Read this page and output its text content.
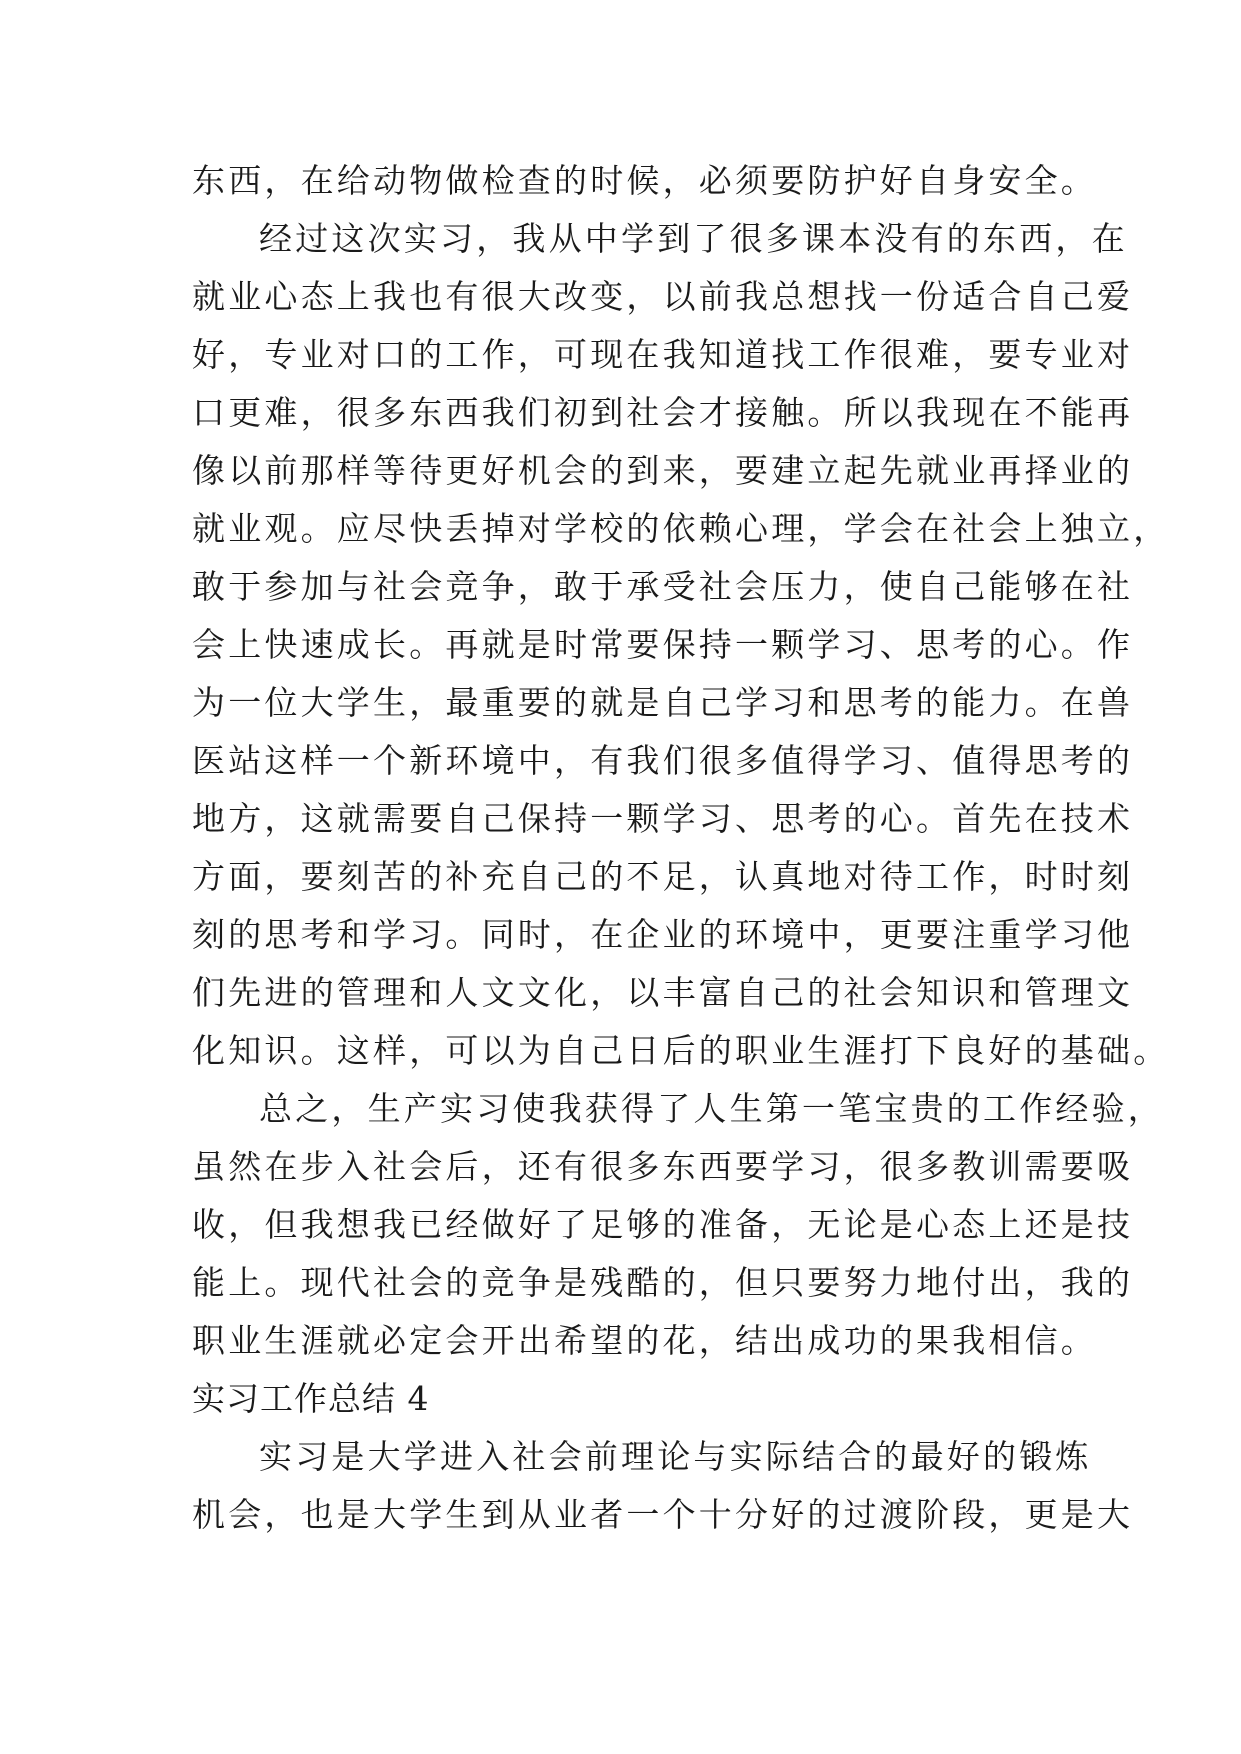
东西，在给动物做检查的时候，必须要防护好自身安全。
经过这次实习，我从中学到了很多课本没有的东西，在
就业心态上我也有很大改变，以前我总想找一份适合自己爱
好，专业对口的工作，可现在我知道找工作很难，要专业对
口更难，很多东西我们初到社会才接触。所以我现在不能再
像以前那样等待更好机会的到来，要建立起先就业再择业的
就业观。应尽快丢掉对学校的依赖心理，学会在社会上独立，
敢于参加与社会竞争，敢于承受社会压力，使自己能够在社
会上快速成长。再就是时常要保持一颗学习、思考的心。作
为一位大学生，最重要的就是自己学习和思考的能力。在兽
医站这样一个新环境中，有我们很多值得学习、值得思考的
地方，这就需要自己保持一颗学习、思考的心。首先在技术
方面，要刻苦的补充自己的不足，认真地对待工作，时时刻
刻的思考和学习。同时，在企业的环境中，更要注重学习他
们先进的管理和人文文化，以丰富自己的社会知识和管理文
化知识。这样，可以为自己日后的职业生涯打下良好的基础。
总之，生产实习使我获得了人生第一笔宝贵的工作经验，
虽然在步入社会后，还有很多东西要学习，很多教训需要吸
收，但我想我已经做好了足够的准备，无论是心态上还是技
能上。现代社会的竞争是残酷的，但只要努力地付出，我的
职业生涯就必定会开出希望的花，结出成功的果我相信。
实习工作总结 4
实习是大学进入社会前理论与实际结合的最好的锻炼
机会，也是大学生到从业者一个十分好的过渡阶段，更是大
